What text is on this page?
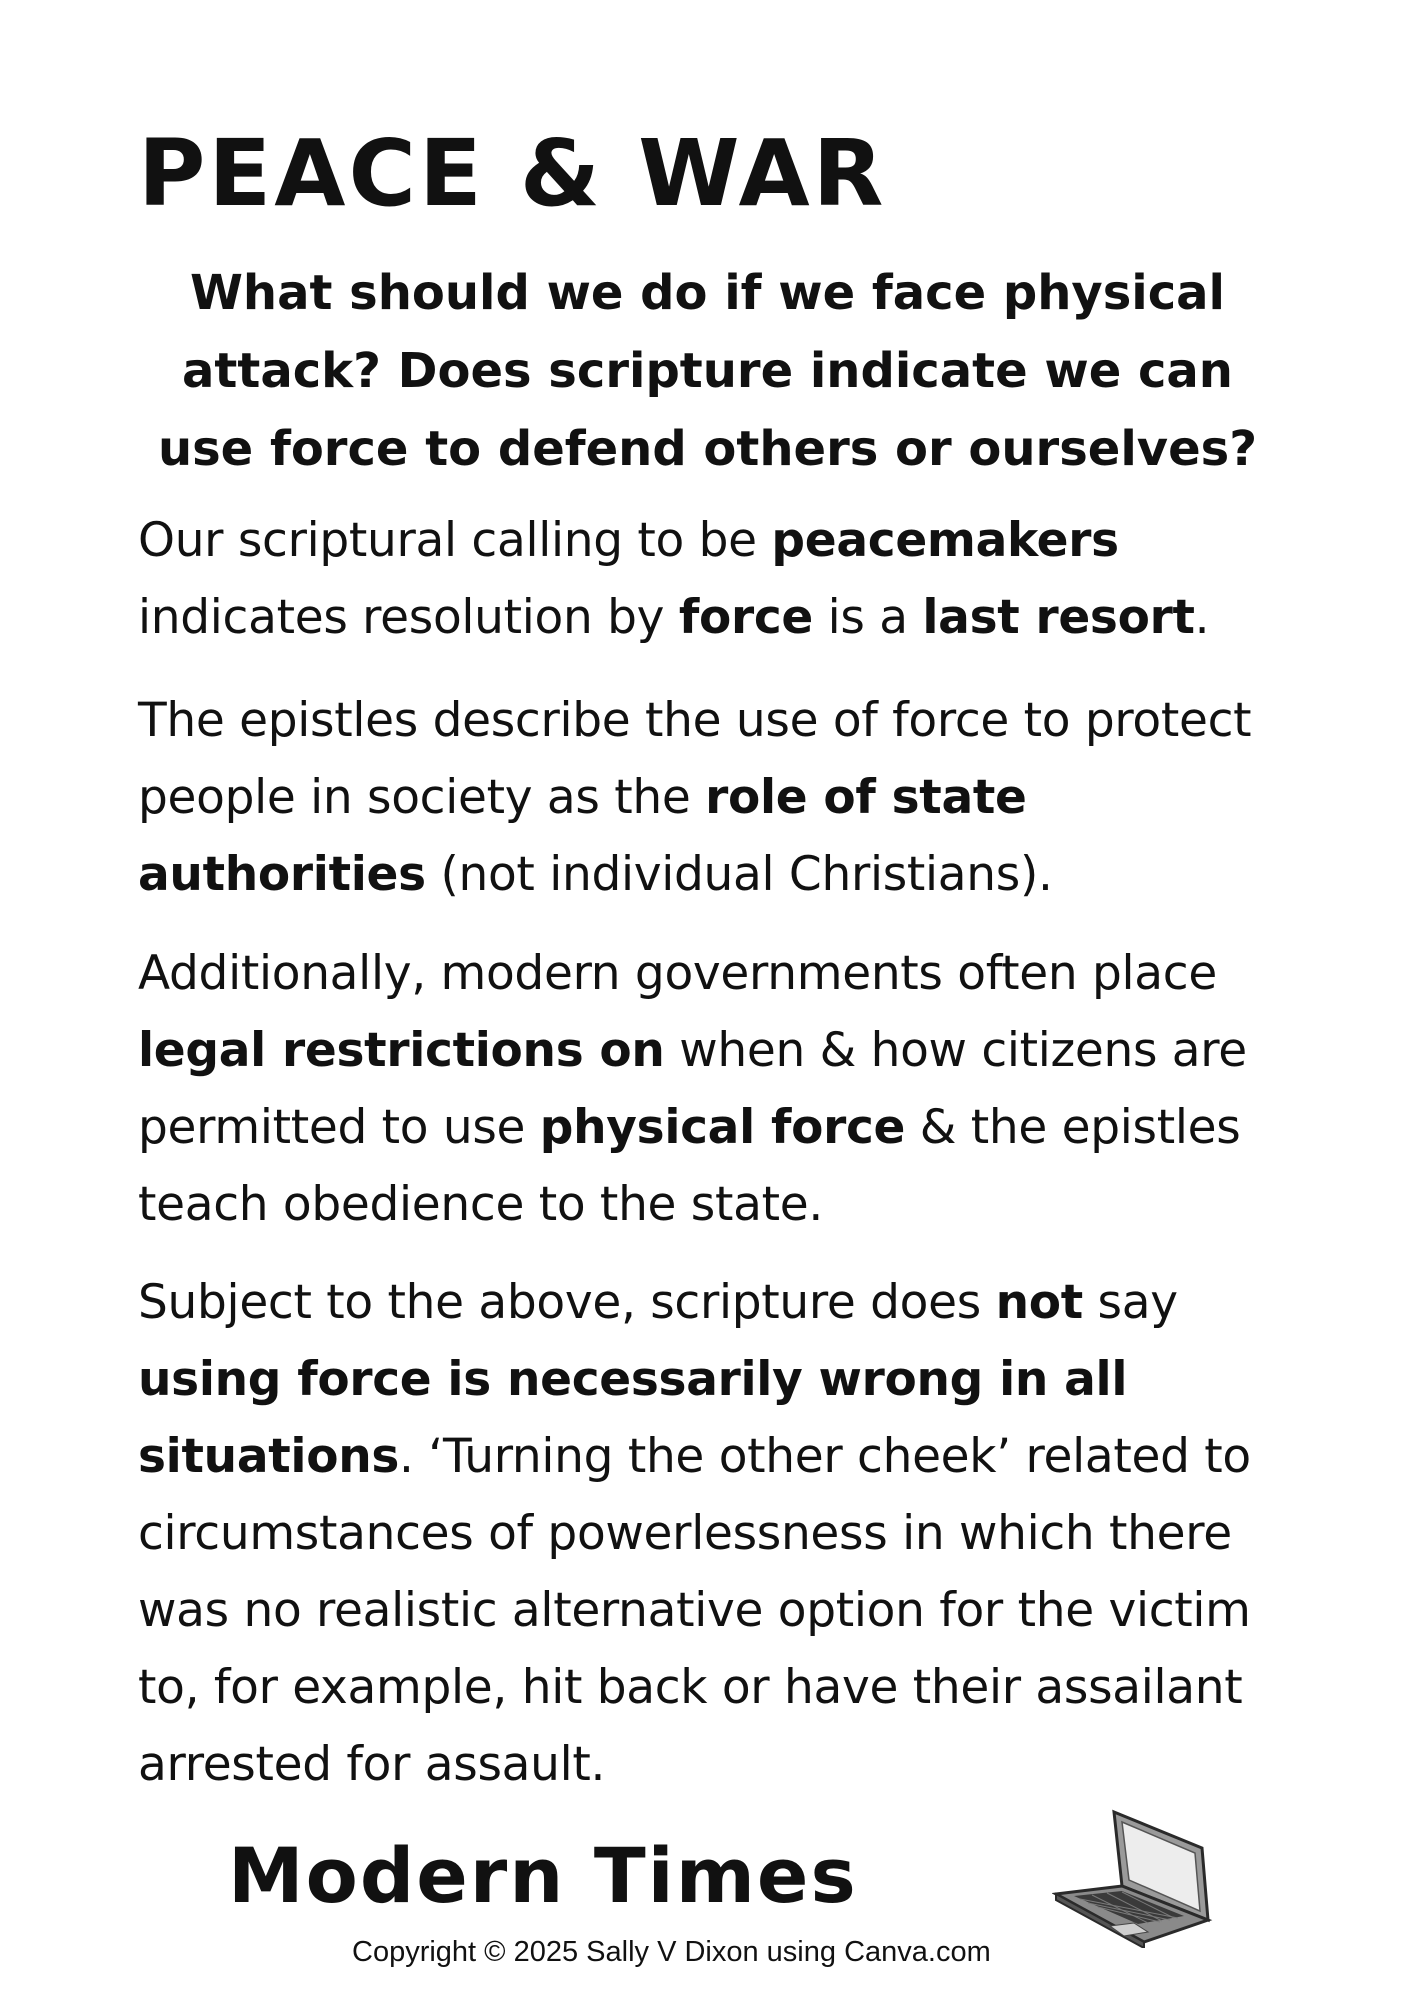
PEACE & WAR

What should we do if we face physical attack? Does scripture indicate we can use force to defend others or ourselves?

Our scriptural calling to be peacemakers indicates resolution by force is a last resort.

The epistles describe the use of force to protect people in society as the role of state authorities (not individual Christians).

Additionally, modern governments often place legal restrictions on when & how citizens are permitted to use physical force & the epistles teach obedience to the state.

Subject to the above, scripture does not say using force is necessarily wrong in all situations. ‘Turning the other cheek’ related to circumstances of powerlessness in which there was no realistic alternative option for the victim to, for example, hit back or have their assailant arrested for assault.

Modern Times
Copyright © 2025 Sally V Dixon using Canva.com
